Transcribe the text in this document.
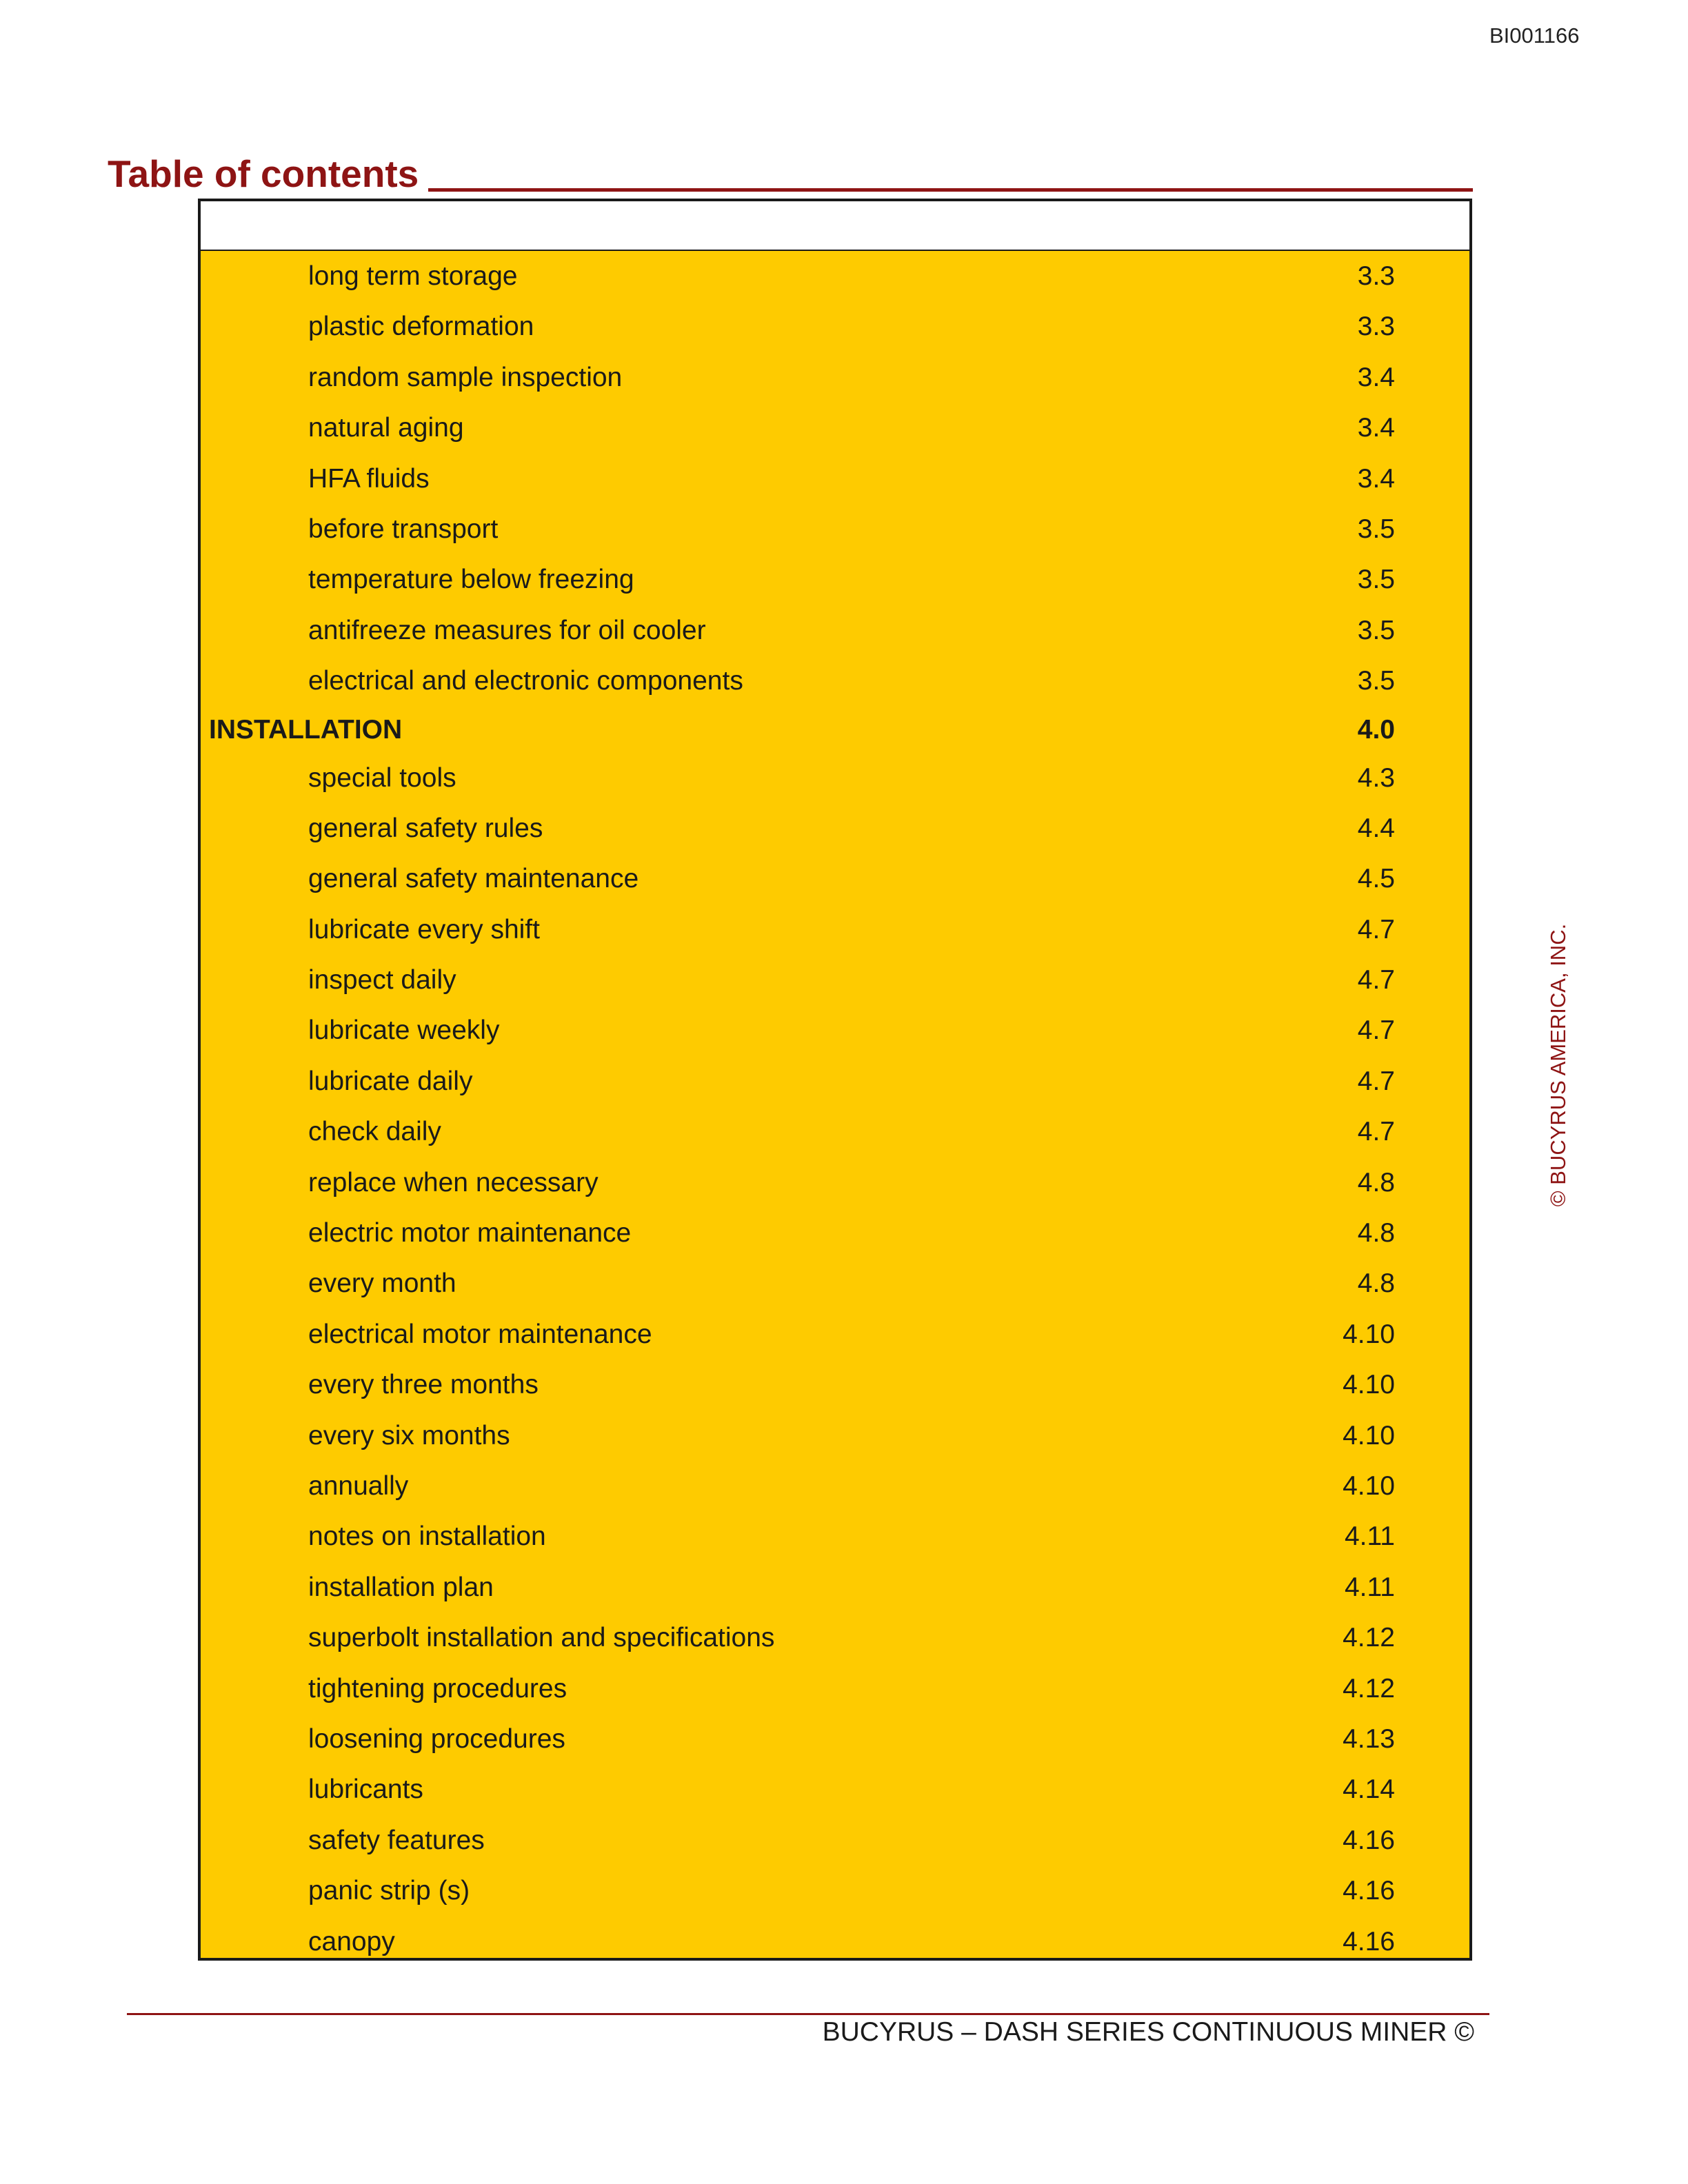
BI001166
Table of contents
long term storage	3.3
plastic deformation	3.3
random sample inspection	3.4
natural aging	3.4
HFA fluids	3.4
before transport	3.5
temperature below freezing	3.5
antifreeze measures for oil cooler	3.5
electrical and electronic components	3.5
INSTALLATION	4.0
special tools	4.3
general safety rules	4.4
general safety maintenance	4.5
lubricate every shift	4.7
inspect daily	4.7
lubricate weekly	4.7
lubricate daily	4.7
check daily	4.7
replace when necessary	4.8
electric motor maintenance	4.8
every month	4.8
electrical motor maintenance	4.10
every three months	4.10
every six months	4.10
annually	4.10
notes on installation	4.11
installation plan	4.11
superbolt installation and specifications	4.12
tightening procedures	4.12
loosening procedures	4.13
lubricants	4.14
safety features	4.16
panic strip (s)	4.16
canopy	4.16
© BUCYRUS AMERICA, INC.
BUCYRUS – DASH SERIES CONTINUOUS MINER ©
